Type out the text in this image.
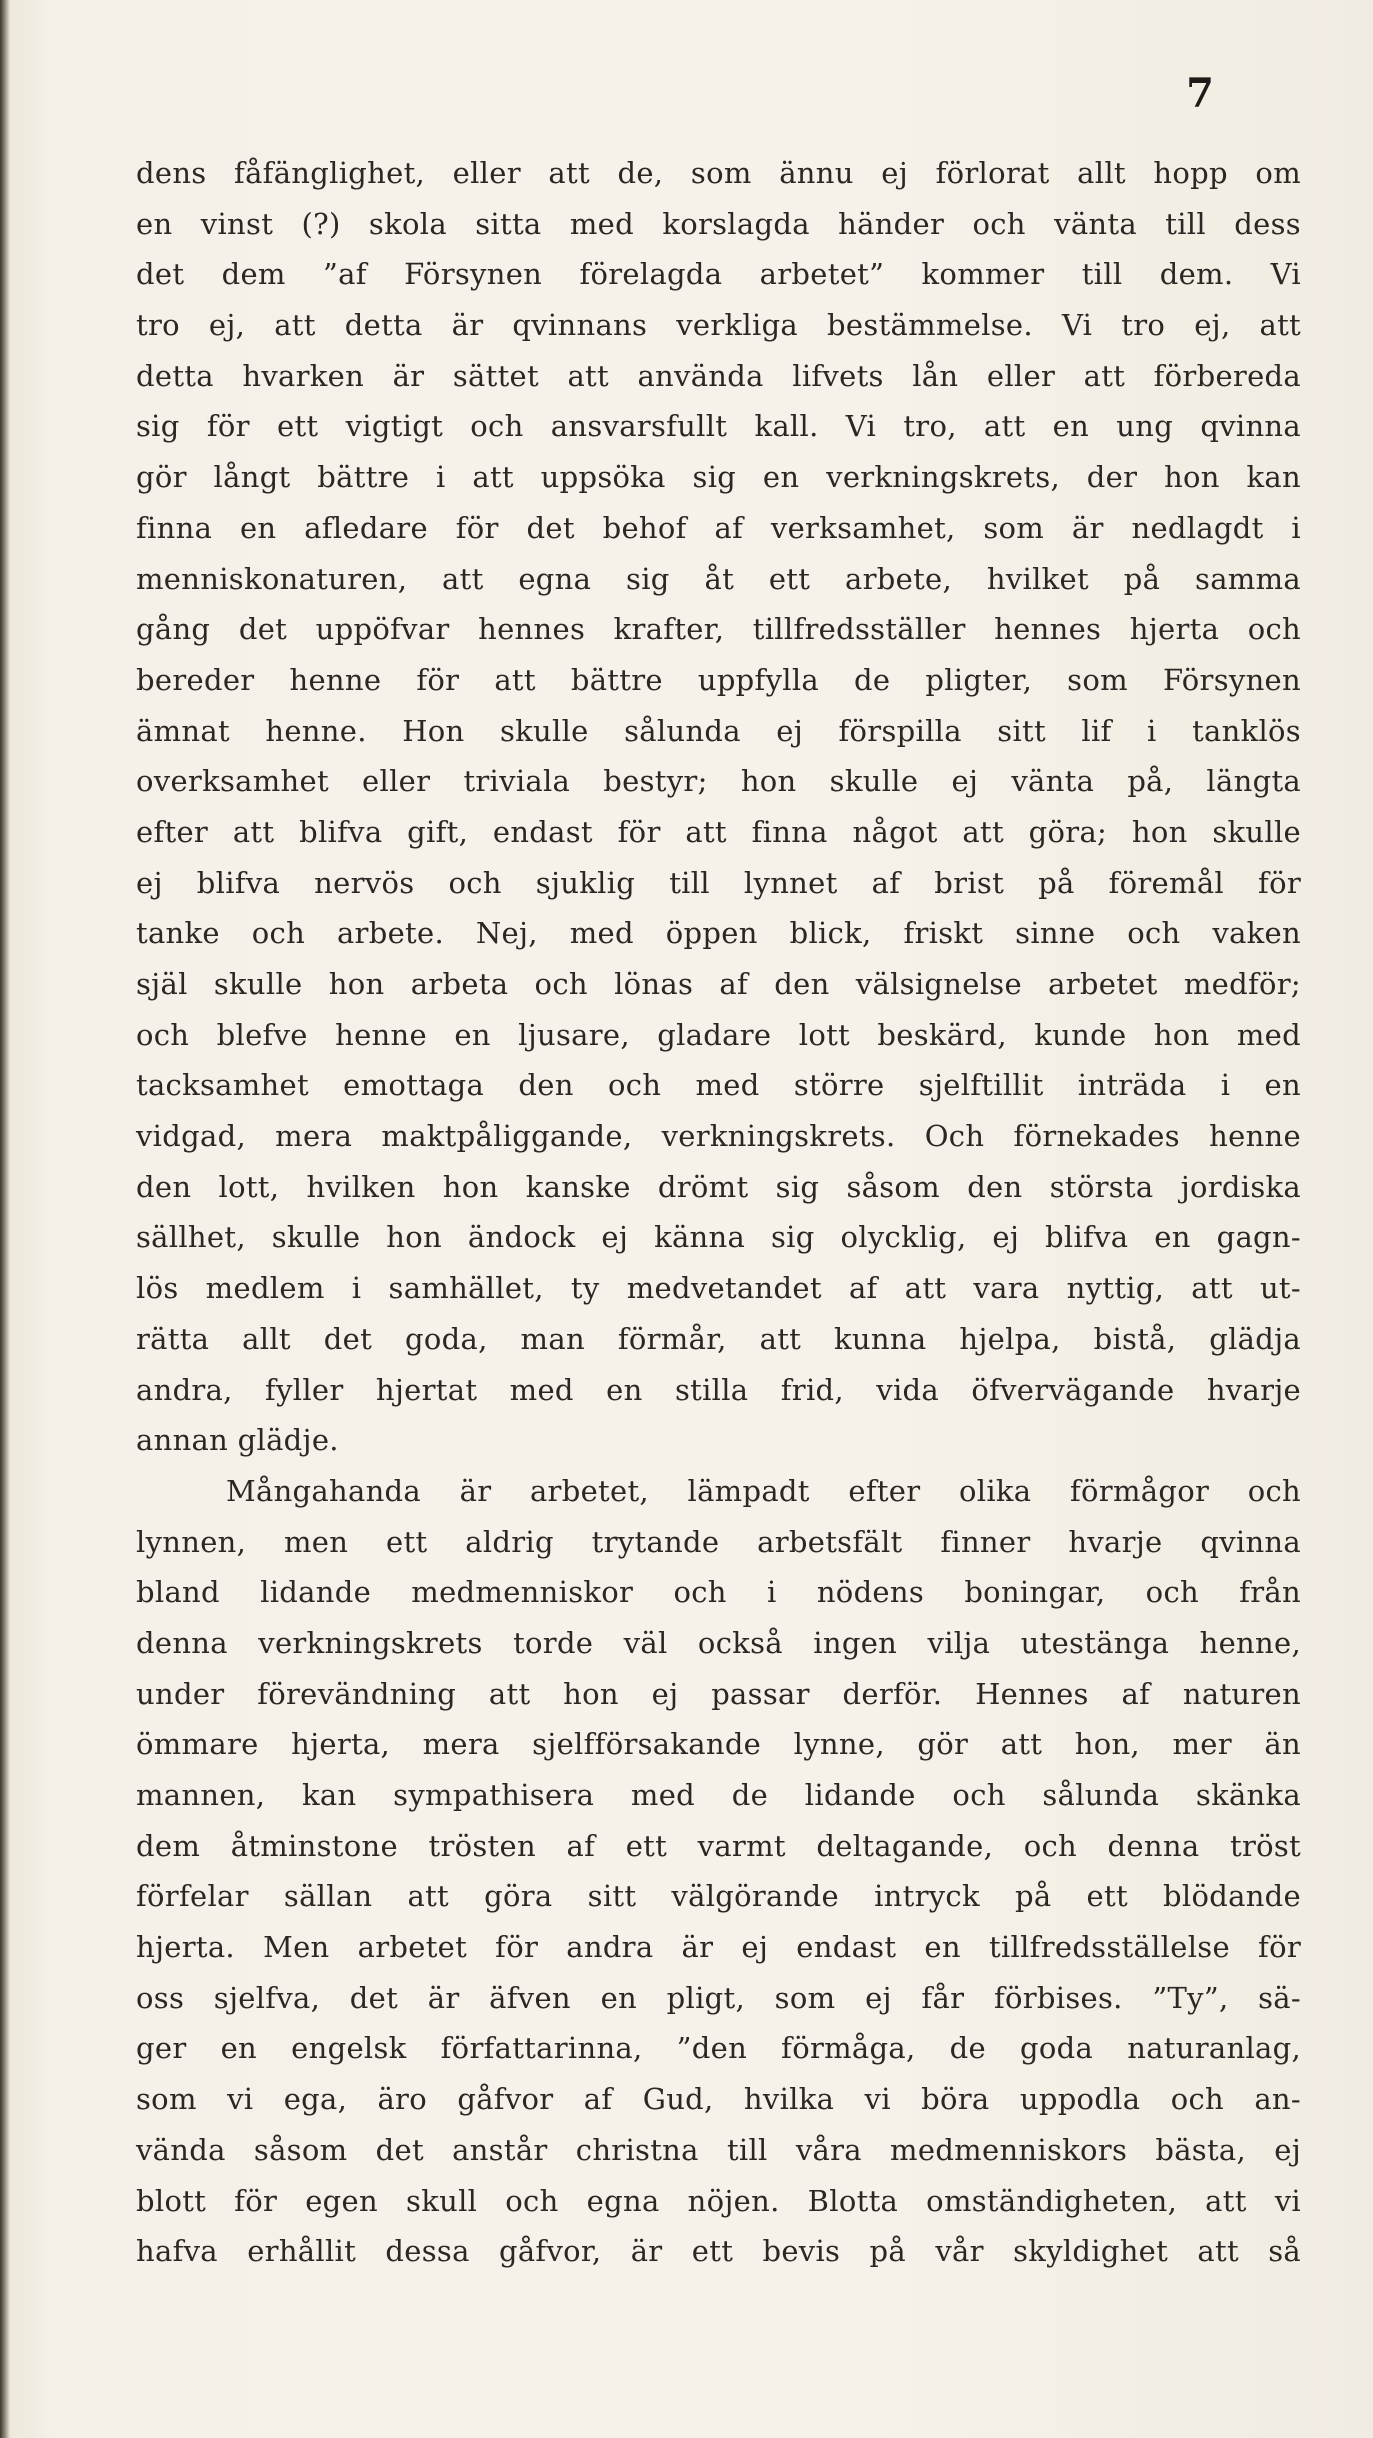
7
dens fåfänglighet, eller att de, som ännu ej förlorat allt hopp om
en vinst (?) skola sitta med korslagda händer och vänta till dess
det dem ”af Försynen förelagda arbetet” kommer till dem. Vi
tro ej, att detta är qvinnans verkliga bestämmelse. Vi tro ej, att
detta hvarken är sättet att använda lifvets lån eller att förbereda
sig för ett vigtigt och ansvarsfullt kall. Vi tro, att en ung qvinna
gör långt bättre i att uppsöka sig en verkningskrets, der hon kan
finna en afledare för det behof af verksamhet, som är nedlagdt i
menniskonaturen, att egna sig åt ett arbete, hvilket på samma
gång det uppöfvar hennes krafter, tillfredsställer hennes hjerta och
bereder henne för att bättre uppfylla de pligter, som Försynen
ämnat henne. Hon skulle sålunda ej förspilla sitt lif i tanklös
overksamhet eller triviala bestyr; hon skulle ej vänta på, längta
efter att blifva gift, endast för att finna något att göra; hon skulle
ej blifva nervös och sjuklig till lynnet af brist på föremål för
tanke och arbete. Nej, med öppen blick, friskt sinne och vaken
själ skulle hon arbeta och lönas af den välsignelse arbetet medför;
och blefve henne en ljusare, gladare lott beskärd, kunde hon med
tacksamhet emottaga den och med större sjelftillit inträda i en
vidgad, mera maktpåliggande, verkningskrets. Och förnekades henne
den lott, hvilken hon kanske drömt sig såsom den största jordiska
sällhet, skulle hon ändock ej känna sig olycklig, ej blifva en gagn-
lös medlem i samhället, ty medvetandet af att vara nyttig, att ut-
rätta allt det goda, man förmår, att kunna hjelpa, bistå, glädja
andra, fyller hjertat med en stilla frid, vida öfvervägande hvarje
annan glädje.
Mångahanda är arbetet, lämpadt efter olika förmågor och
lynnen, men ett aldrig trytande arbetsfält finner hvarje qvinna
bland lidande medmenniskor och i nödens boningar, och från
denna verkningskrets torde väl också ingen vilja utestänga henne,
under förevändning att hon ej passar derför. Hennes af naturen
ömmare hjerta, mera sjelfförsakande lynne, gör att hon, mer än
mannen, kan sympathisera med de lidande och sålunda skänka
dem åtminstone trösten af ett varmt deltagande, och denna tröst
förfelar sällan att göra sitt välgörande intryck på ett blödande
hjerta. Men arbetet för andra är ej endast en tillfredsställelse för
oss sjelfva, det är äfven en pligt, som ej får förbises. ”Ty”, sä-
ger en engelsk författarinna, ”den förmåga, de goda naturanlag,
som vi ega, äro gåfvor af Gud, hvilka vi böra uppodla och an-
vända såsom det anstår christna till våra medmenniskors bästa, ej
blott för egen skull och egna nöjen. Blotta omständigheten, att vi
hafva erhållit dessa gåfvor, är ett bevis på vår skyldighet att så
